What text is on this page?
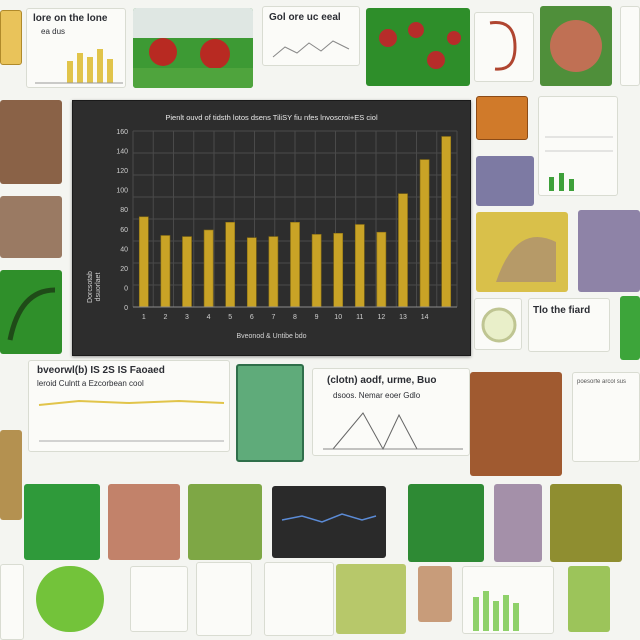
lore on the lone
ea dus
Gol ore uc eeal
Pienlt ouvd of tidsth lotos dsens TiliSY fiu nfes lnvoscroi+ES ciol
Dorcsotab dsuorlaet
0
0
20
40
60
80
100
120
140
160
1	2	3	4	5	6	7	8	9 10 11 12 13 14
Bveonod & Untibe bdo
Tlo the fiard
bveorwl(b) IS 2S IS Faoaed
leroid Culntt a Ezcorbean cool	(clotn) aodf, urme, Buo
dsoos. Nemar eoer Gdlo
poesorfe arcol sus
